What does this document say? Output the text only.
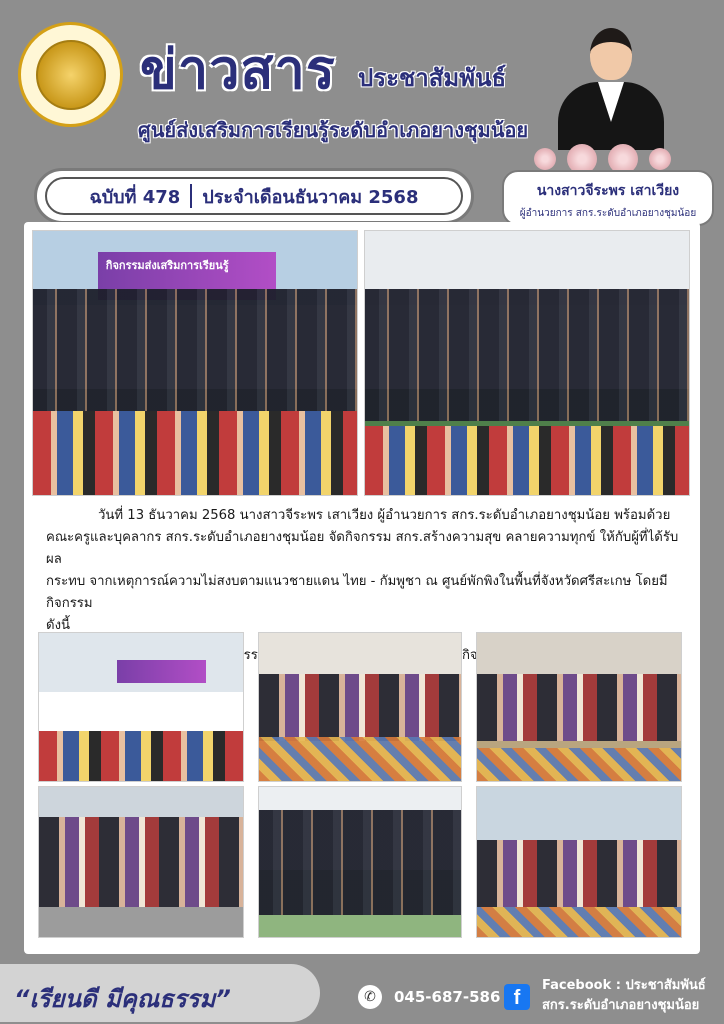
ข่าวสาร ประชาสัมพันธ์
ศูนย์ส่งเสริมการเรียนรู้ระดับอำเภอยางชุมน้อย
ฉบับที่ 478 ประจำเดือนธันวาคม 2568	นางสาวจีระพร เสาเวียง
ผู้อำนวยการ สกร.ระดับอำเภอยางชุมน้อย
กิจกรรมส่งเสริมการเรียนรู้

วันที่ 13 ธันวาคม 2568 นางสาวจีระพร เสาเวียง ผู้อำนวยการ สกร.ระดับอำเภอยางชุมน้อย พร้อมด้วย

คณะครูและบุคลากร สกร.ระดับอำเภอยางชุมน้อย จัดกิจกรรม สกร.สร้างความสุข คลายความทุกข์ ให้กับผู้ที่ได้รับผล

กระทบ จากเหตุการณ์ความไม่สงบตามแนวชายแดน ไทย - กัมพูชา ณ ศูนย์พักพิงในพื้นที่จังหวัดศรีสะเกษ โดยมีกิจกรรม

ดังนี้

“เรียนดี มีคุณธรรม”	✆	045-687-586 f
Facebook : ประชาสัมพันธ์
สกร.ระดับอำเภอยางชุมน้อย
